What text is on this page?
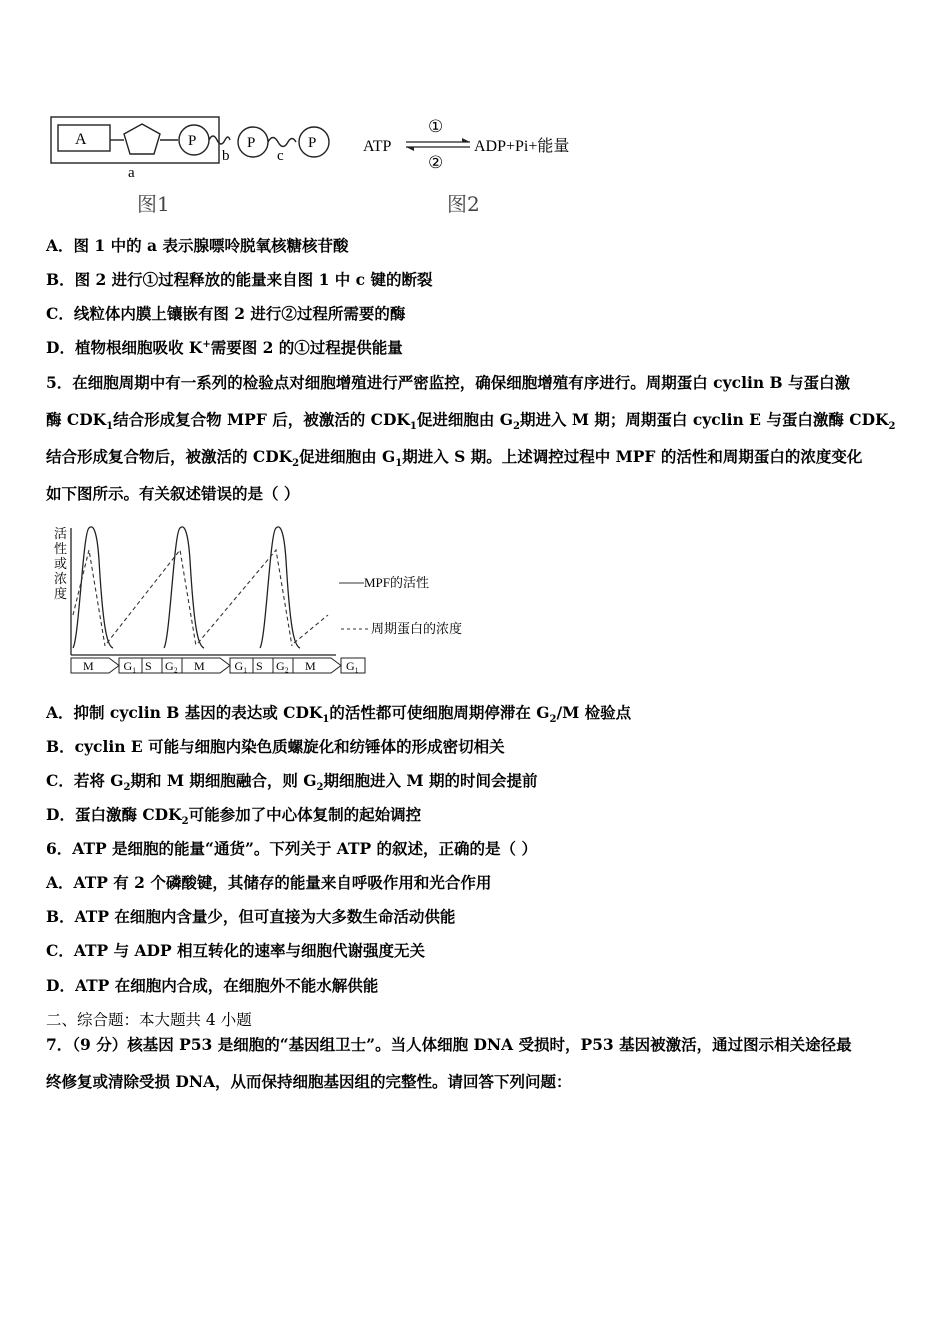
A	P	P	P
a
b	c
图1
ATP
①
②
ADP+Pi+能量
图2
A．图 1 中的 a 表示腺嘌呤脱氧核糖核苷酸
B．图 2 进行①过程释放的能量来自图 1 中 c 键的断裂
C．线粒体内膜上镶嵌有图 2 进行②过程所需要的酶
D．植物根细胞吸收 K+需要图 2 的①过程提供能量
5．在细胞周期中有一系列的检验点对细胞增殖进行严密监控，确保细胞增殖有序进行。周期蛋白 cyclin B 与蛋白激
酶 $CDK_1$结合形成复合物 MPF 后，被激活的 $CDK_1$促进细胞由 $G_2$期进入 M 期；周期蛋白 cyclin E 与蛋白激酶 $CDK_2$
结合形成复合物后，被激活的 $CDK_2$促进细胞由 $G_1$期进入 S 期。上述调控过程中 MPF 的活性和周期蛋白的浓度变化
如下图所示。有关叙述错误的是（ ）
活
性
或
浓
度
MPF的活性
周期蛋白的浓度
M G₁ S G₂ M G₁ S G₂ M	G₁
A．抑制 cyclin B 基因的表达或 $CDK_1$的活性都可使细胞周期停滞在 $G_2/M$ 检验点
B．cyclin E 可能与细胞内染色质螺旋化和纺锤体的形成密切相关
C．若将 $G_2$期和 M 期细胞融合，则 $G_2$期细胞进入 M 期的时间会提前
D．蛋白激酶 $CDK_2$可能参加了中心体复制的起始调控
6．ATP 是细胞的能量“通货”。下列关于 ATP 的叙述，正确的是（ ）
A．ATP 有 2 个磷酸键，其储存的能量来自呼吸作用和光合作用
B．ATP 在细胞内含量少，但可直接为大多数生命活动供能
C．ATP 与 ADP 相互转化的速率与细胞代谢强度无关
D．ATP 在细胞内合成，在细胞外不能水解供能
二、综合题：本大题共 4 小题
7．（9 分）核基因 P53 是细胞的“基因组卫士”。当人体细胞 DNA 受损时，P53 基因被激活，通过图示相关途径最
终修复或清除受损 DNA，从而保持细胞基因组的完整性。请回答下列问题：
